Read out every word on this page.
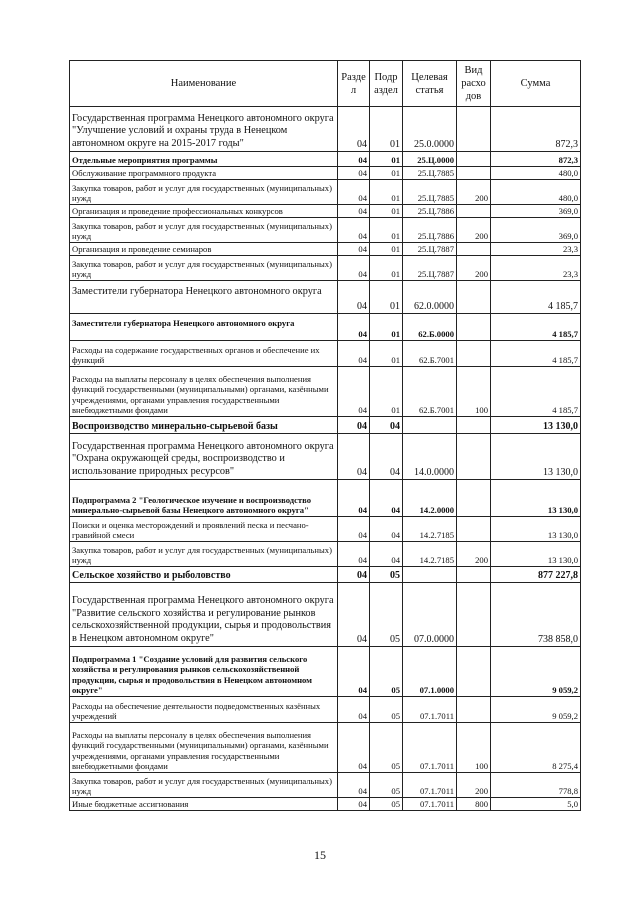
Наименование	Разде л	Подр аздел	Целевая статья	Вид расхо дов	Сумма
Государственная программа Ненецкого автономного округа "Улучшение условий и охраны труда в Ненецком автономном округе на 2015-2017 годы"	04	01	25.0.0000		872,3
Отдельные мероприятия программы	04	01	25.Ц.0000		872,3
Обслуживание программного продукта	04	01	25.Ц.7885		480,0
Закупка товаров, работ и услуг для государственных (муниципальных) нужд	04	01	25.Ц.7885	200	480,0
Организация и проведение профессиональных конкурсов	04	01	25.Ц.7886		369,0
Закупка товаров, работ и услуг для государственных (муниципальных) нужд	04	01	25.Ц.7886	200	369,0
Организация и проведение семинаров	04	01	25.Ц.7887		23,3
Закупка товаров, работ и услуг для государственных (муниципальных) нужд	04	01	25.Ц.7887	200	23,3
Заместители губернатора Ненецкого автономного округа	04	01	62.0.0000		4 185,7
Заместители губернатора Ненецкого автономного округа	04	01	62.Б.0000		4 185,7
Расходы на содержание государственных органов и обеспечение их функций	04	01	62.Б.7001		4 185,7
Расходы на выплаты персоналу в целях обеспечения выполнения функций государственными (муниципальными) органами, казёнными учреждениями, органами управления государственными внебюджетными фондами	04	01	62.Б.7001	100	4 185,7
Воспроизводство минерально-сырьевой базы	04	04			13 130,0
Государственная программа Ненецкого автономного округа "Охрана окружающей среды, воспроизводство и использование природных ресурсов"	04	04	14.0.0000		13 130,0
Подпрограмма 2 "Геологическое изучение и воспроизводство минерально-сырьевой базы Ненецкого автономного округа"	04	04	14.2.0000		13 130,0
Поиски и оценка месторождений и проявлений песка и песчано-гравийной смеси	04	04	14.2.7185		13 130,0
Закупка товаров, работ и услуг для государственных (муниципальных) нужд	04	04	14.2.7185	200	13 130,0
Сельское хозяйство и рыболовство	04	05			877 227,8
Государственная программа Ненецкого автономного округа "Развитие сельского хозяйства и регулирование рынков сельскохозяйственной продукции, сырья и продовольствия в Ненецком автономном округе"	04	05	07.0.0000		738 858,0
Подпрограмма 1 "Создание условий для развития сельского хозяйства и регулирования рынков сельскохозяйственной продукции, сырья и продовольствия в Ненецком автономном округе"	04	05	07.1.0000		9 059,2
Расходы на обеспечение деятельности подведомственных казённых учреждений	04	05	07.1.7011		9 059,2
Расходы на выплаты персоналу в целях обеспечения выполнения функций государственными (муниципальными) органами, казёнными учреждениями, органами управления государственными внебюджетными фондами	04	05	07.1.7011	100	8 275,4
Закупка товаров, работ и услуг для государственных (муниципальных) нужд	04	05	07.1.7011	200	778,8
Иные бюджетные ассигнования	04	05	07.1.7011	800	5,0
15
